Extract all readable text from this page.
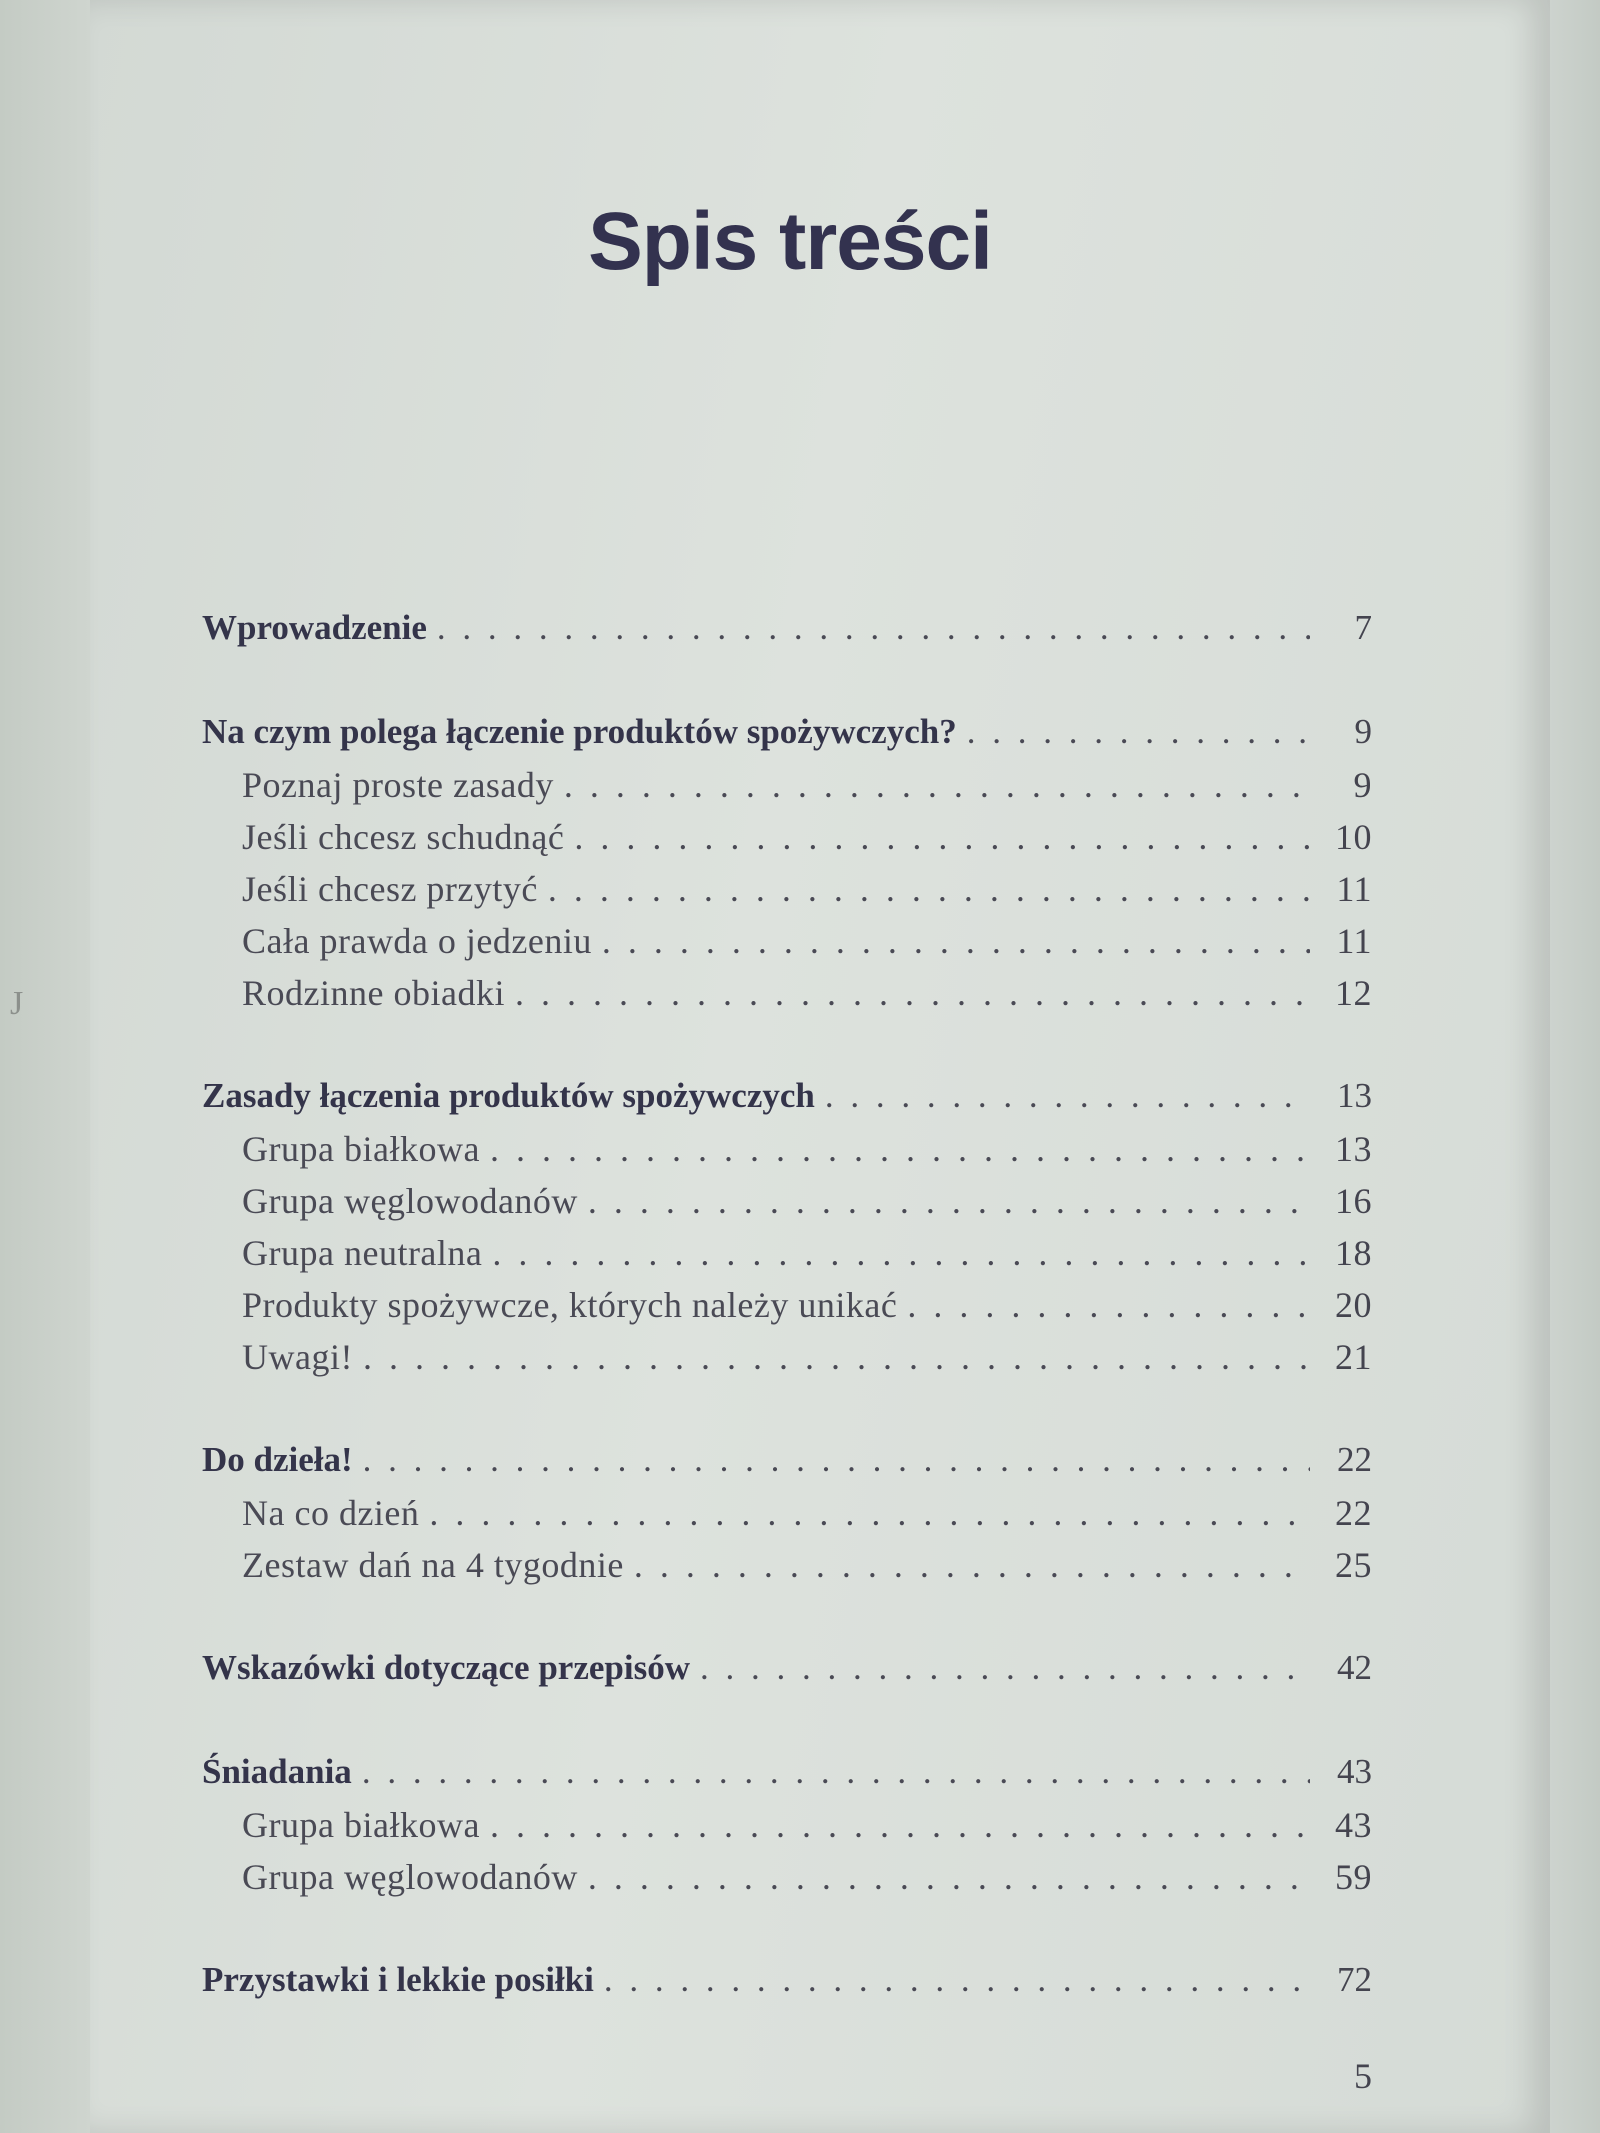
J
Spis treści
Wprowadzenie . . .	7
Na czym polega łączenie produktów spożywczych? . . .	9
Poznaj proste zasady . . .	9
Jeśli chcesz schudnąć . . .	10
Jeśli chcesz przytyć . . .	11
Cała prawda o jedzeniu . . .	11
Rodzinne obiadki . . .	12
Zasady łączenia produktów spożywczych . . .	13
Grupa białkowa . . .	13
Grupa węglowodanów . . .	16
Grupa neutralna . . .	18
Produkty spożywcze, których należy unikać . . .	20
Uwagi! . . .	21
Do dzieła! . . .	22
Na co dzień . . .	22
Zestaw dań na 4 tygodnie . . .	25
Wskazówki dotyczące przepisów . . .	42
Śniadania . . .	43
Grupa białkowa . . .	43
Grupa węglowodanów . . .	59
Przystawki i lekkie posiłki . . .	72
5
